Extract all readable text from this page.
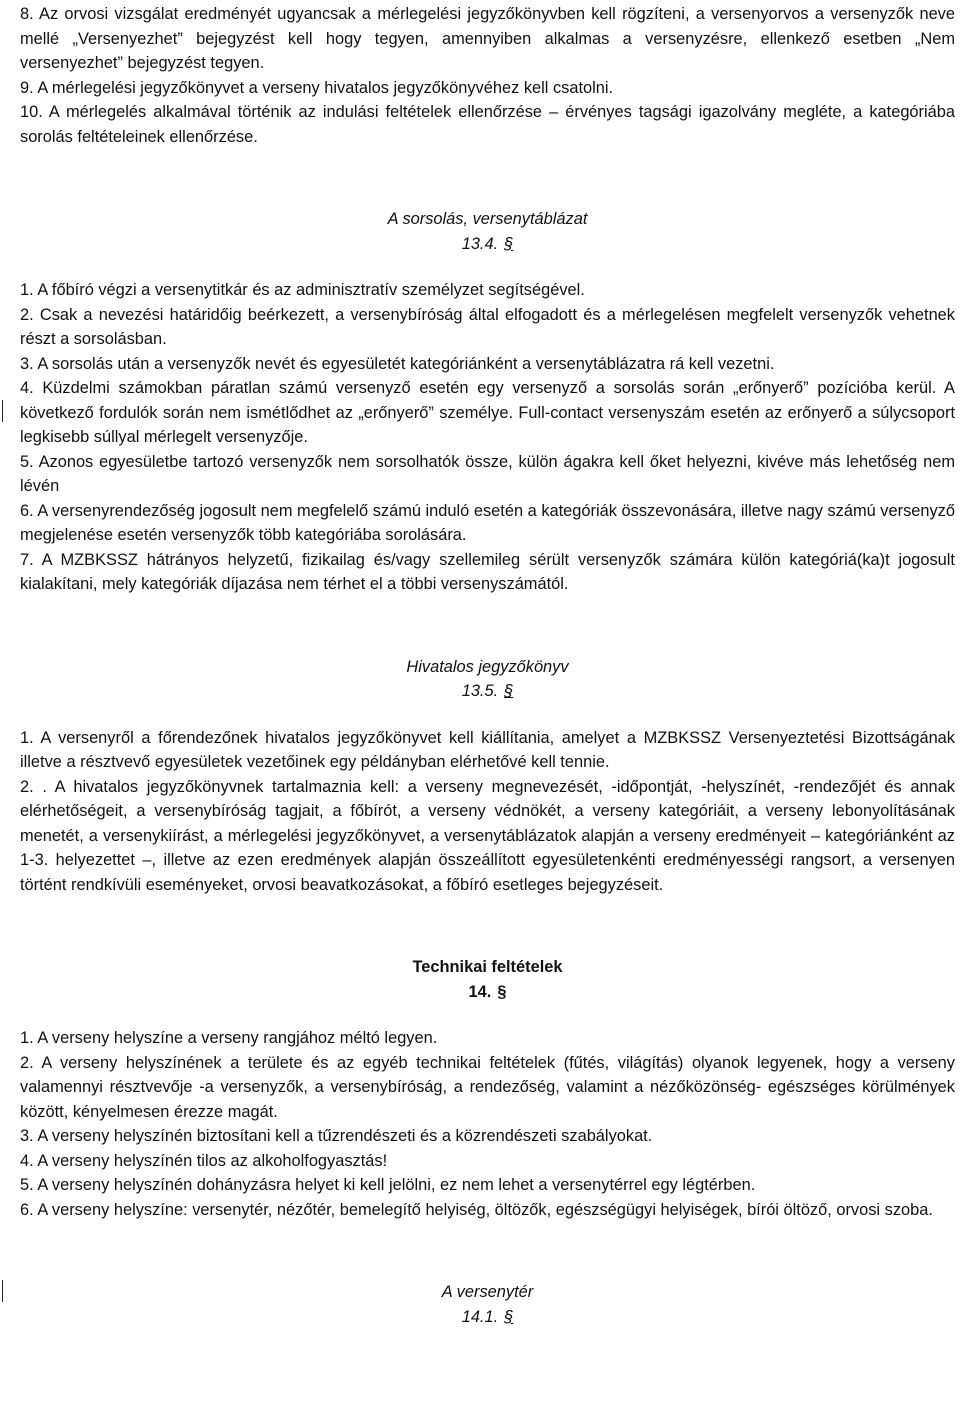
8. Az orvosi vizsgálat eredményét ugyancsak a mérlegelési jegyzőkönyvben kell rögzíteni, a versenyorvos a versenyzők neve mellé „Versenyezhet” bejegyzést kell hogy tegyen, amennyiben alkalmas a versenyzésre, ellenkező esetben „Nem versenyezhet” bejegyzést tegyen.

9. A mérlegelési jegyzőkönyvet a verseny hivatalos jegyzőkönyvéhez kell csatolni.

10. A mérlegelés alkalmával történik az indulási feltételek ellenőrzése – érvényes tagsági igazolvány megléte, a kategóriába sorolás feltételeinek ellenőrzése.

A sorsolás, versenytáblázat
13.4. §

1. A főbíró végzi a versenytitkár és az adminisztratív személyzet segítségével.

2. Csak a nevezési határidőig beérkezett, a versenybíróság által elfogadott és a mérlegelésen megfelelt versenyzők vehetnek részt a sorsolásban.

3. A sorsolás után a versenyzők nevét és egyesületét kategóriánként a versenytáblázatra rá kell vezetni.

4. Küzdelmi számokban páratlan számú versenyző esetén egy versenyző a sorsolás során „erőnyerő” pozícióba kerül. A következő fordulók során nem ismétlődhet az „erőnyerő” személye. Full-contact versenyszám esetén az erőnyerő a súlycsoport legkisebb súllyal mérlegelt versenyzője.

5. Azonos egyesületbe tartozó versenyzők nem sorsolhatók össze, külön ágakra kell őket helyezni, kivéve más lehetőség nem lévén

6. A versenyrendezőség jogosult nem megfelelő számú induló esetén a kategóriák összevonására, illetve nagy számú versenyző megjelenése esetén versenyzők több kategóriába sorolására.

7. A MZBKSSZ hátrányos helyzetű, fizikailag és/vagy szellemileg sérült versenyzők számára külön kategóriá(ka)t jogosult kialakítani, mely kategóriák díjazása nem térhet el a többi versenyszámától.

Hivatalos jegyzőkönyv
13.5. §

1. A versenyről a főrendezőnek hivatalos jegyzőkönyvet kell kiállítania, amelyet a MZBKSSZ Versenyeztetési Bizottságának illetve a résztvevő egyesületek vezetőinek egy példányban elérhetővé kell tennie.

2. . A hivatalos jegyzőkönyvnek tartalmaznia kell: a verseny megnevezését, -időpontját, -helyszínét, -rendezőjét és annak elérhetőségeit, a versenybíróság tagjait, a főbírót, a verseny védnökét, a verseny kategóriáit, a verseny lebonyolításának menetét, a versenykiírást, a mérlegelési jegyzőkönyvet, a versenytáblázatok alapján a verseny eredményeit – kategóriánként az 1-3. helyezettet –, illetve az ezen eredmények alapján összeállított egyesületenkénti eredményességi rangsort, a versenyen történt rendkívüli eseményeket, orvosi beavatkozásokat, a főbíró esetleges bejegyzéseit.

Technikai feltételek
14. §

1. A verseny helyszíne a verseny rangjához méltó legyen.

2. A verseny helyszínének a területe és az egyéb technikai feltételek (fűtés, világítás) olyanok legyenek, hogy a verseny valamennyi résztvevője -a versenyzők, a versenybíróság, a rendezőség, valamint a nézőközönség- egészséges körülmények között, kényelmesen érezze magát.

3. A verseny helyszínén biztosítani kell a tűzrendészeti és a közrendészeti szabályokat.

4. A verseny helyszínén tilos az alkoholfogyasztás!

5. A verseny helyszínén dohányzásra helyet ki kell jelölni, ez nem lehet a versenytérrel egy légtérben.

6. A verseny helyszíne: versenytér, nézőtér, bemelegítő helyiség, öltözők, egészségügyi helyiségek, bírói öltöző, orvosi szoba.

A versenytér
14.1. §
